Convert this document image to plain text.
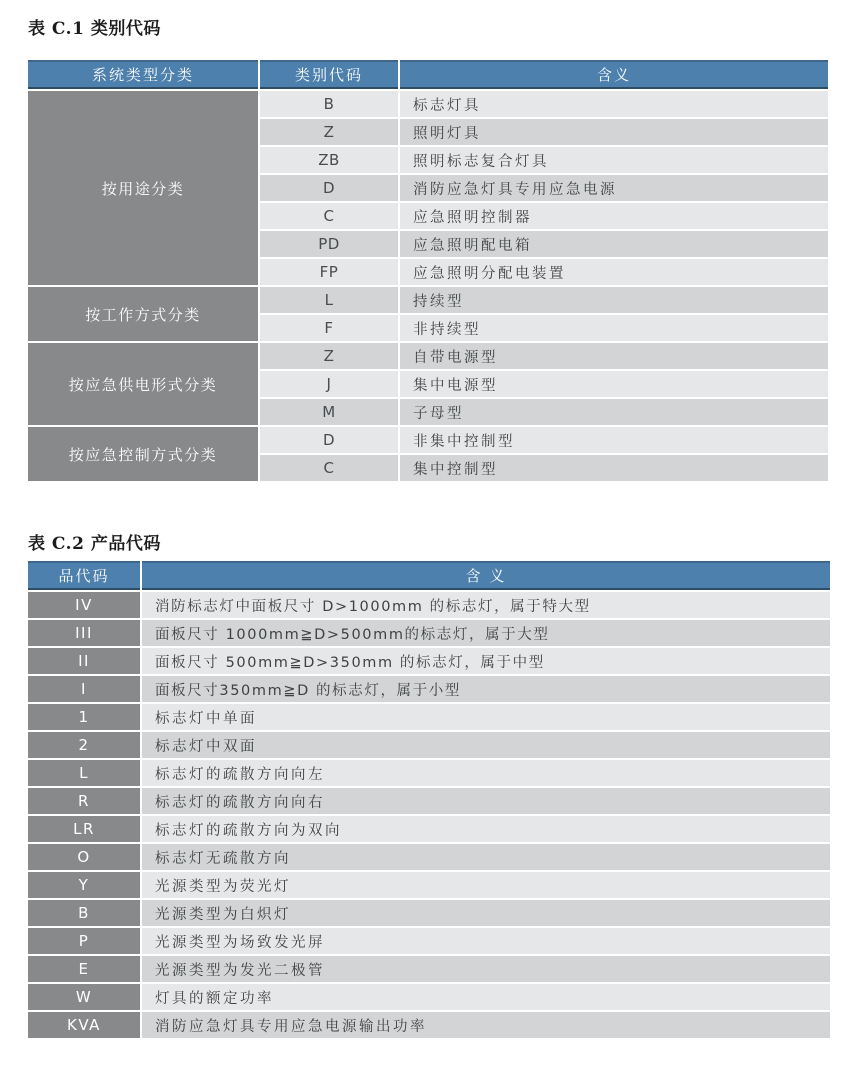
表 C.1 类别代码
系统类型分类	类别代码	含义
按用途分类	B	标志灯具
	Z	照明灯具
	ZB	照明标志复合灯具
	D	消防应急灯具专用应急电源
	C	应急照明控制器
	PD	应急照明配电箱
	FP	应急照明分配电装置
按工作方式分类	L	持续型
	F	非持续型
按应急供电形式分类	Z	自带电源型
	J	集中电源型
	M	子母型
按应急控制方式分类	D	非集中控制型
	C	集中控制型
表 C.2 产品代码
品代码	含 义
IV	消防标志灯中面板尺寸 D>1000mm 的标志灯，属于特大型
III	面板尺寸 1000mm≧D>500mm的标志灯，属于大型
II	面板尺寸 500mm≧D>350mm 的标志灯，属于中型
I	面板尺寸350mm≧D 的标志灯，属于小型
1	标志灯中单面
2	标志灯中双面
L	标志灯的疏散方向向左
R	标志灯的疏散方向向右
LR	标志灯的疏散方向为双向
O	标志灯无疏散方向
Y	光源类型为荧光灯
B	光源类型为白炽灯
P	光源类型为场致发光屏
E	光源类型为发光二极管
W	灯具的额定功率
KVA	消防应急灯具专用应急电源输出功率
